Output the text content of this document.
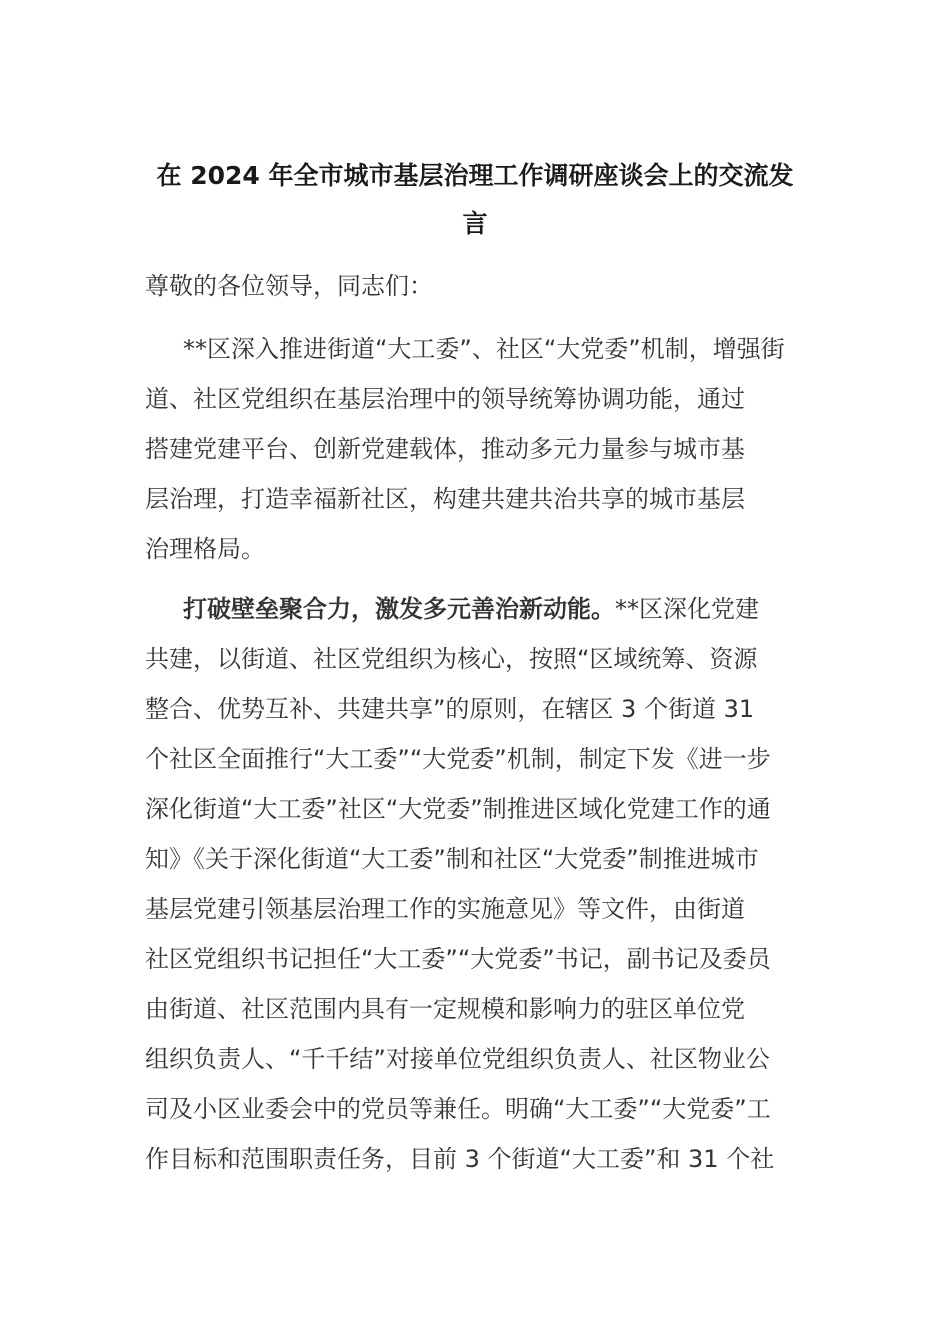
在 2024 年全市城市基层治理工作调研座谈会上的交流发
言
尊敬的各位领导，同志们：
**区深入推进街道“大工委”、社区“大党委”机制，增强街
道、社区党组织在基层治理中的领导统筹协调功能，通过
搭建党建平台、创新党建载体，推动多元力量参与城市基
层治理，打造幸福新社区，构建共建共治共享的城市基层
治理格局。
打破壁垒聚合力，激发多元善治新动能。**区深化党建
共建，以街道、社区党组织为核心，按照“区域统筹、资源
整合、优势互补、共建共享”的原则，在辖区 3 个街道 31
个社区全面推行“大工委”“大党委”机制，制定下发《进一步
深化街道“大工委”社区“大党委”制推进区域化党建工作的通
知》《关于深化街道“大工委”制和社区“大党委”制推进城市
基层党建引领基层治理工作的实施意见》等文件，由街道
社区党组织书记担任“大工委”“大党委”书记，副书记及委员
由街道、社区范围内具有一定规模和影响力的驻区单位党
组织负责人、“千千结”对接单位党组织负责人、社区物业公
司及小区业委会中的党员等兼任。明确“大工委”“大党委”工
作目标和范围职责任务，目前 3 个街道“大工委”和 31 个社
